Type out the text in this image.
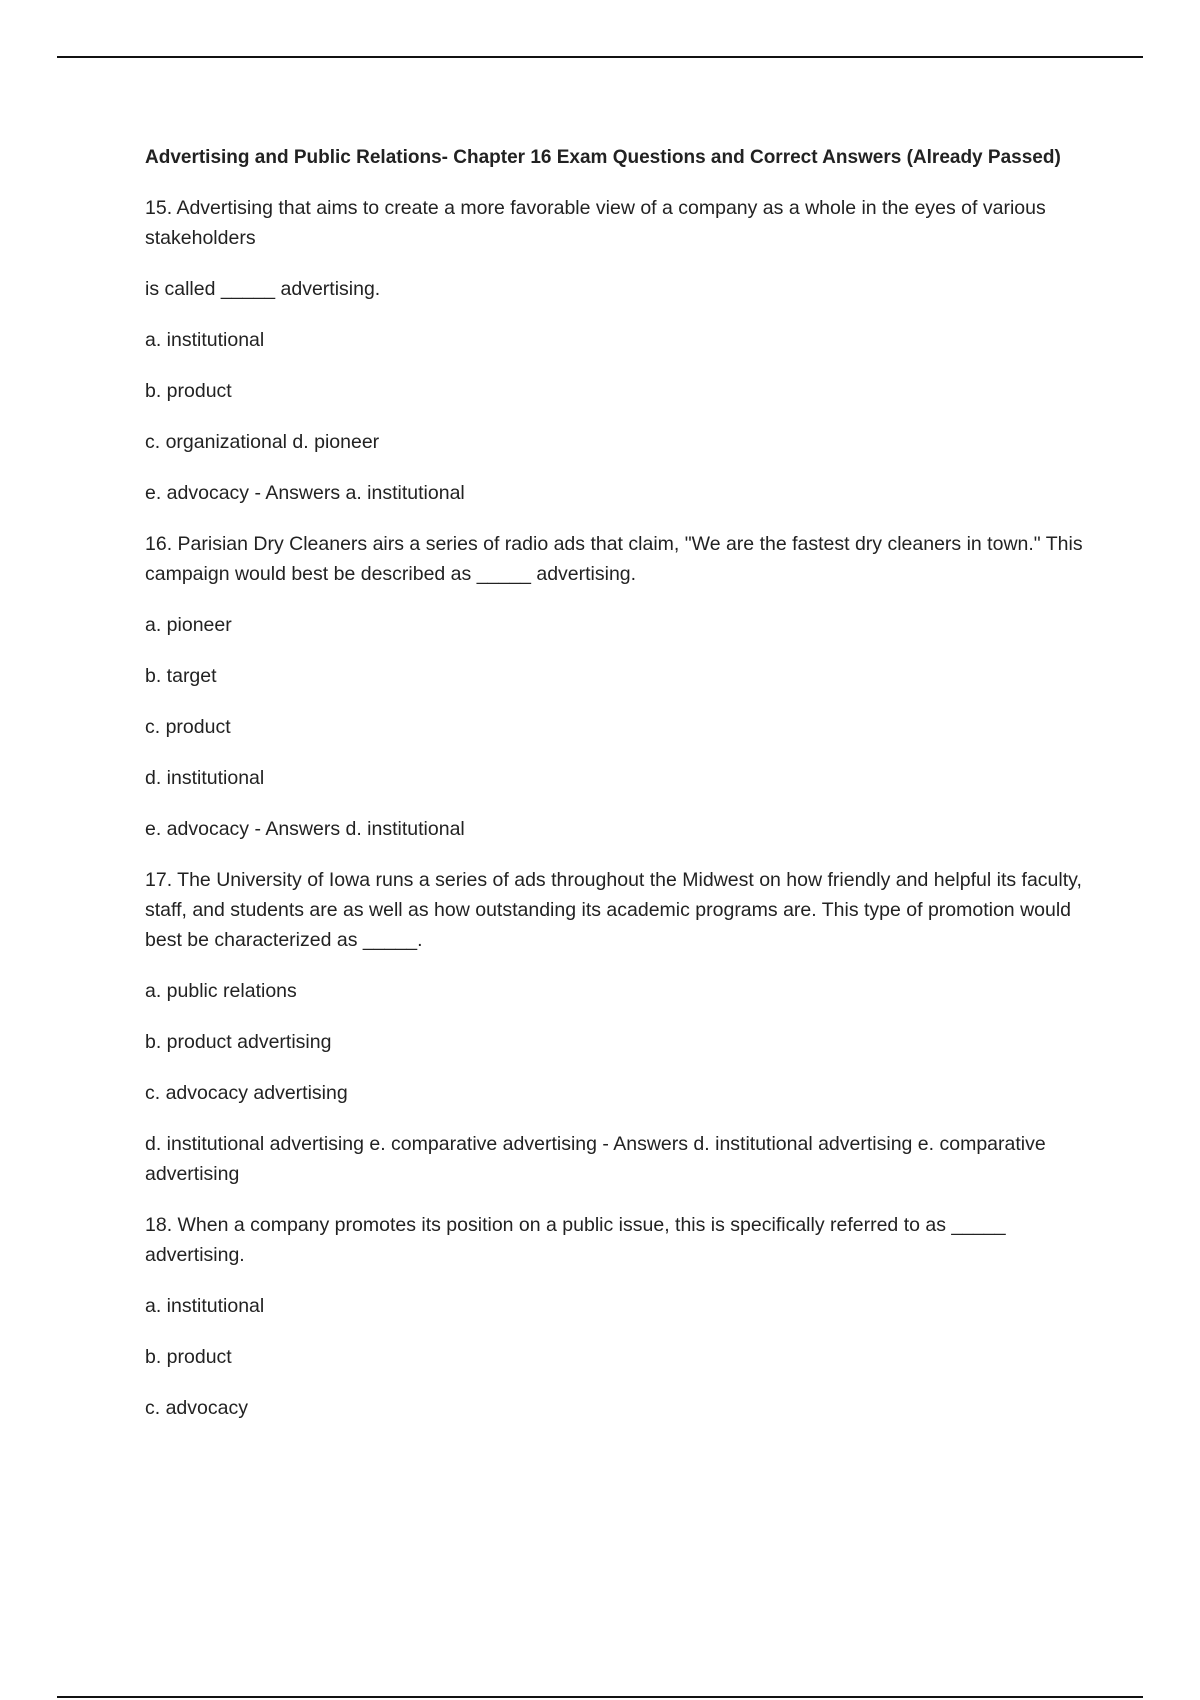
Advertising and Public Relations- Chapter 16 Exam Questions and Correct Answers (Already Passed)
15. Advertising that aims to create a more favorable view of a company as a whole in the eyes of various stakeholders
is called _____ advertising.
a. institutional
b. product
c. organizational d. pioneer
e. advocacy - Answers a. institutional
16. Parisian Dry Cleaners airs a series of radio ads that claim, "We are the fastest dry cleaners in town." This campaign would best be described as _____ advertising.
a. pioneer
b. target
c. product
d. institutional
e. advocacy - Answers d. institutional
17. The University of Iowa runs a series of ads throughout the Midwest on how friendly and helpful its faculty, staff, and students are as well as how outstanding its academic programs are. This type of promotion would best be characterized as _____.
a. public relations
b. product advertising
c. advocacy advertising
d. institutional advertising e. comparative advertising - Answers d. institutional advertising e. comparative advertising
18. When a company promotes its position on a public issue, this is specifically referred to as _____ advertising.
a. institutional
b. product
c. advocacy
